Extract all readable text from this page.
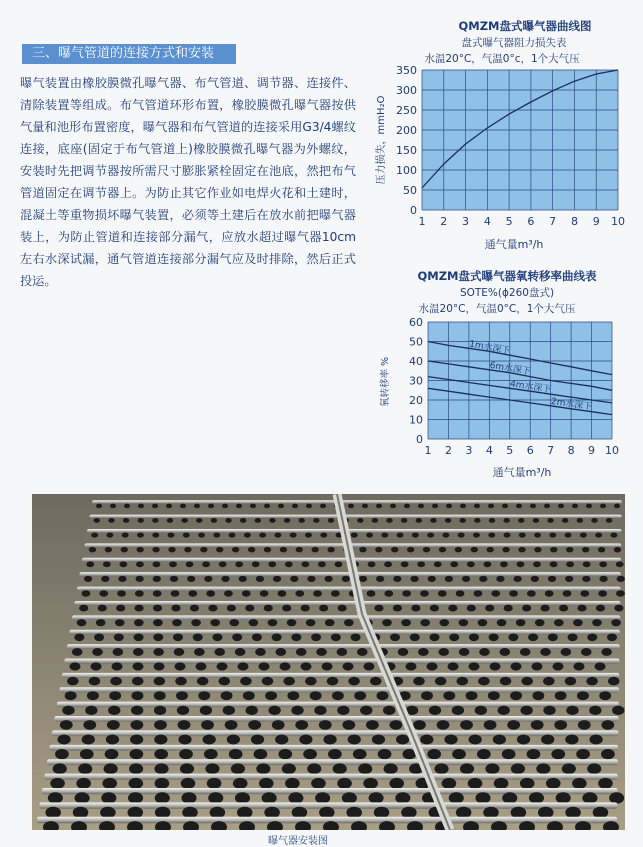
三、曝气管道的连接方式和安装
曝气装置由橡胶膜微孔曝气器、布气管道、调节器、连接件、清除装置等组成。布气管道环形布置，橡胶膜微孔曝气器按供气量和池形布置密度，曝气器和布气管道的连接采用G3/4螺纹连接，底座(固定于布气管道上)橡胶膜微孔曝气器为外螺纹，安装时先把调节器按所需尺寸膨胀紧栓固定在池底，然把布气管道固定在调节器上。为防止其它作业如电焊火花和土建时，混凝土等重物损坏曝气装置，必须等土建后在放水前把曝气器装上，为防止管道和连接部分漏气，应放水超过曝气器10cm左右水深试漏，通气管道连接部分漏气应及时排除，然后正式投运。
QMZM盘式曝气器曲线图
盘式曝气器阻力损失表
水温20°C，气温0°c，1个大气压
0
50
100
150
200
250
300
350
1 2 3 4 5 6 7 8 9 10
压力损失，mmH₂O
通气量m³/h
QMZM盘式曝气器氧转移率曲线表
SOTE%(ϕ260盘式)
水温20°C，气温0°C，1个大气压
1m水深下
6m水深下
4m水深下
2m水深下
0
10
20
30
40
50
60
1 2 3 4 5 6 7 8 9 10
氧转移率 %
通气量m³/h
曝气器安装图
